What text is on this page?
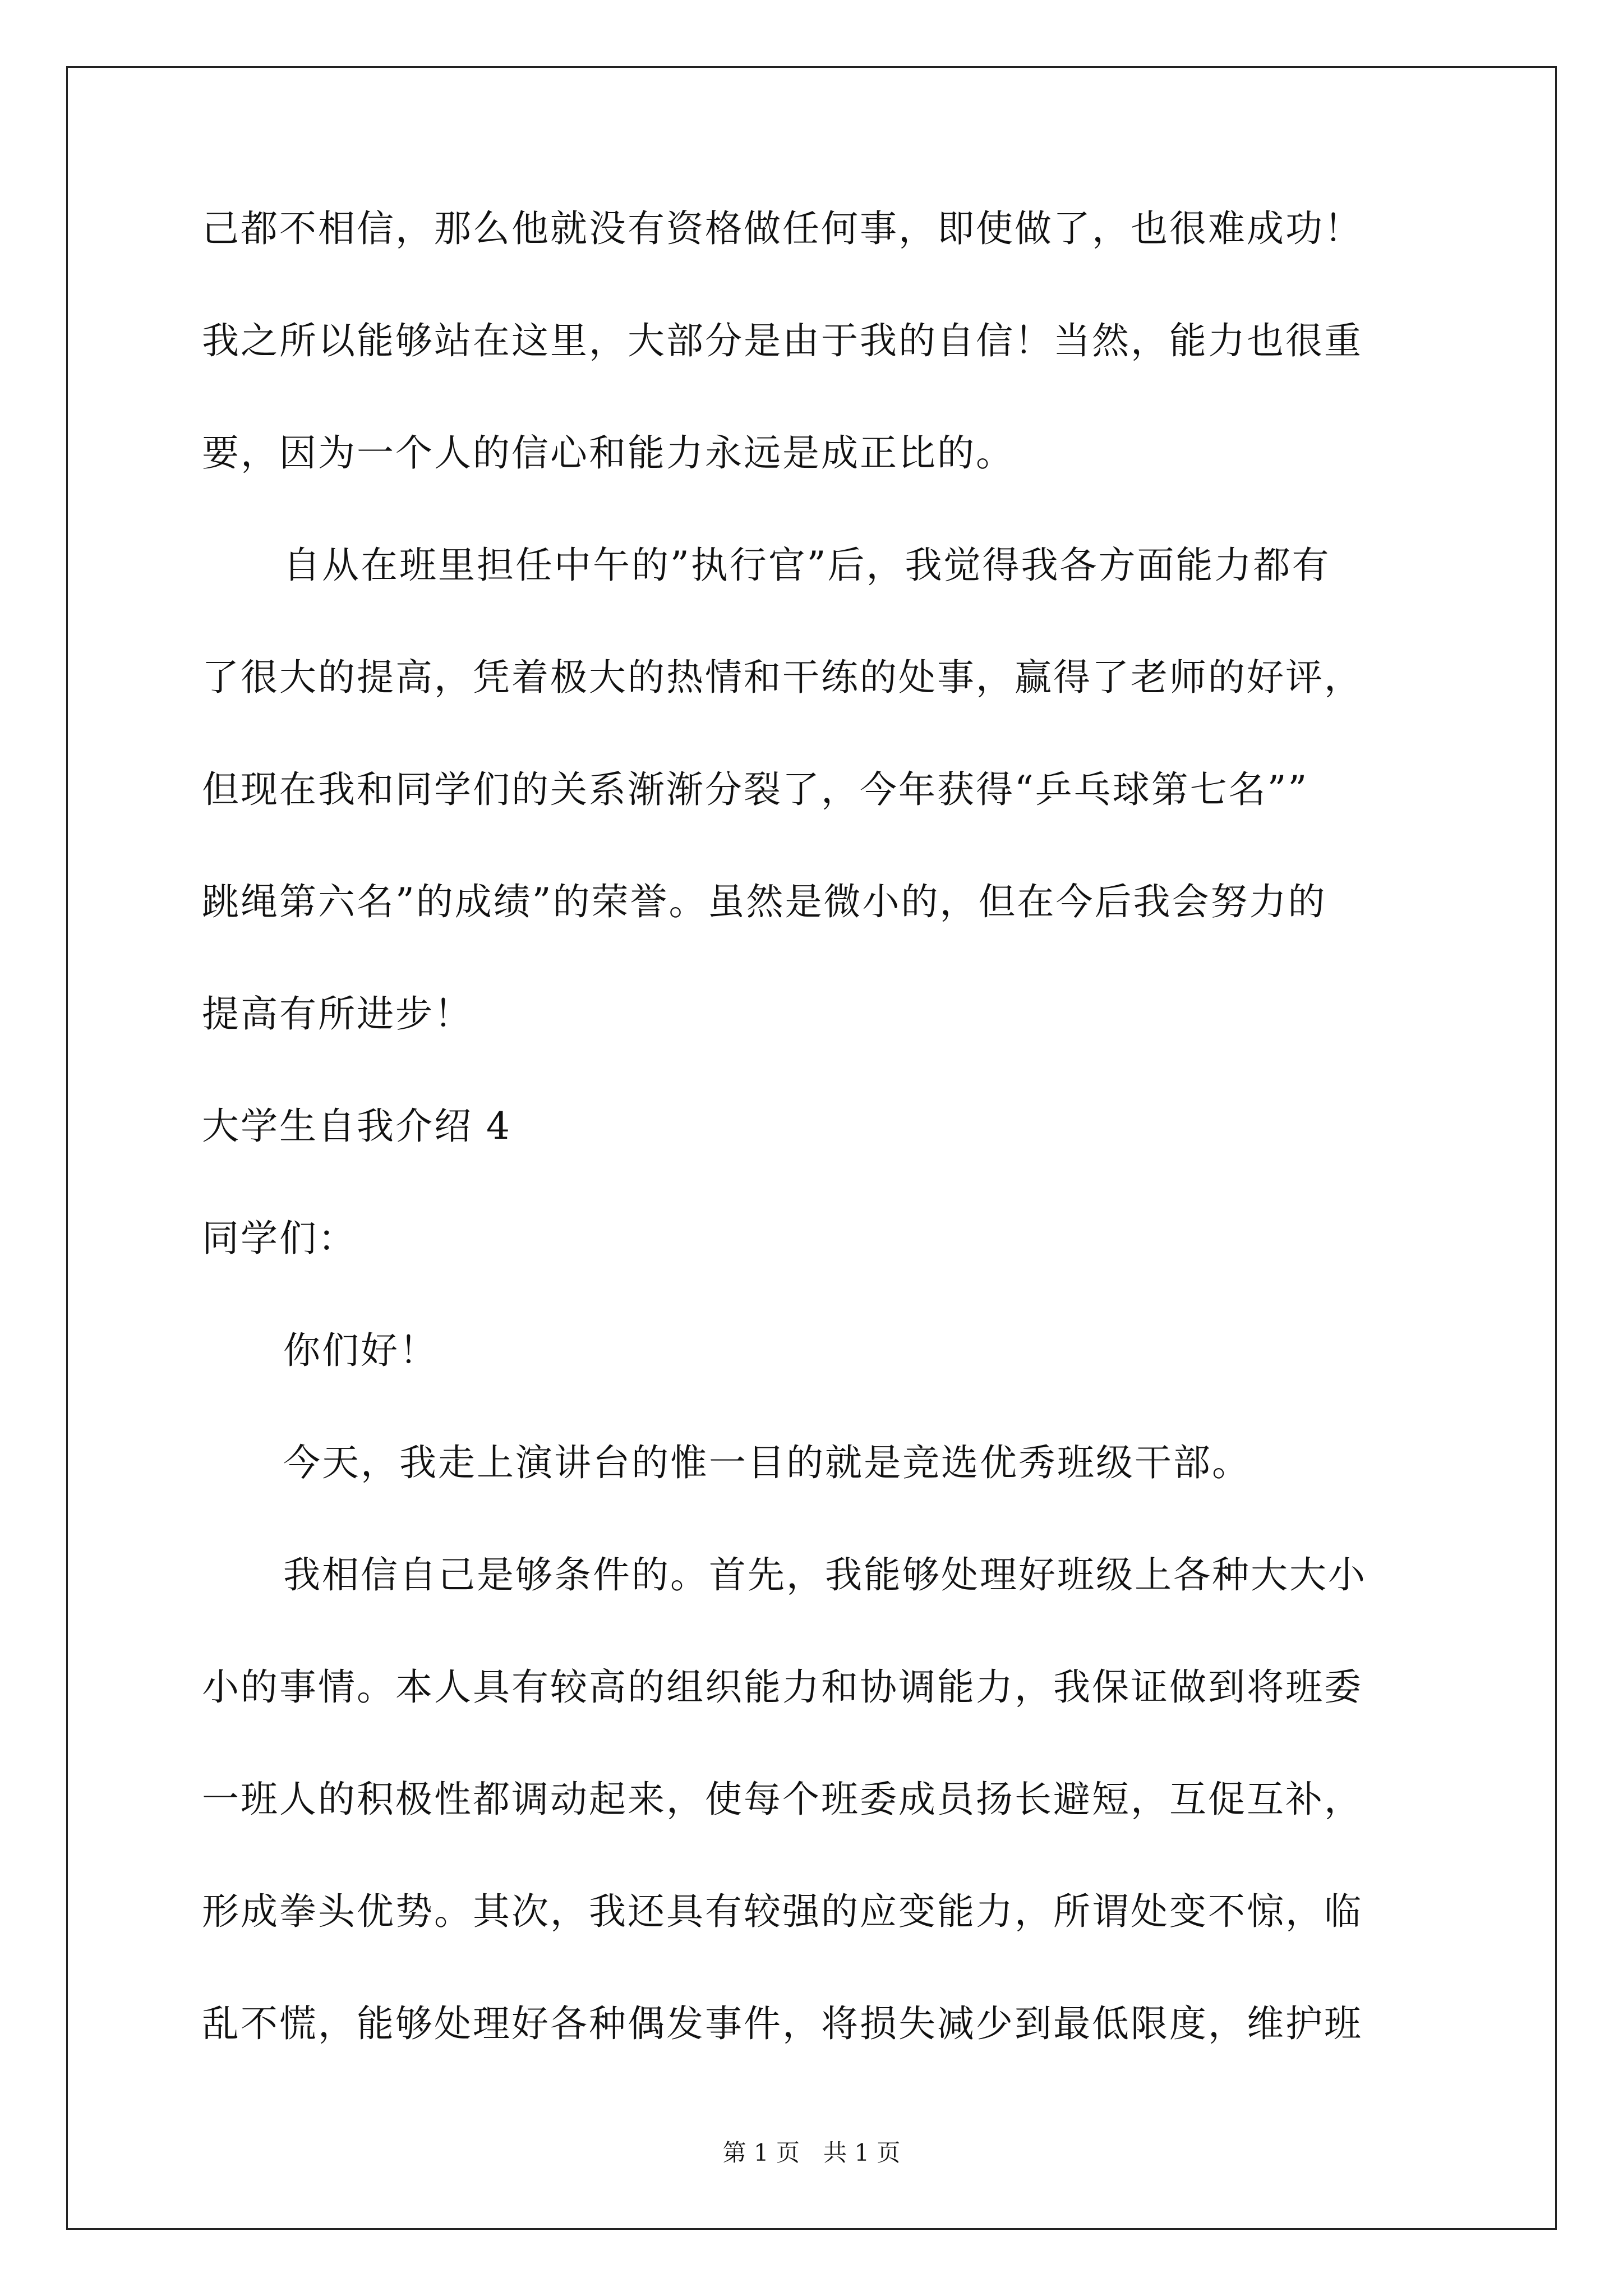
己都不相信，那么他就没有资格做任何事，即使做了，也很难成功！
我之所以能够站在这里，大部分是由于我的自信！当然，能力也很重
要，因为一个人的信心和能力永远是成正比的。
自从在班里担任中午的”执行官”后，我觉得我各方面能力都有
了很大的提高，凭着极大的热情和干练的处事，赢得了老师的好评，
但现在我和同学们的关系渐渐分裂了，今年获得“乒乓球第七名””
跳绳第六名”的成绩”的荣誉。虽然是微小的，但在今后我会努力的
提高有所进步！
大学生自我介绍 4
同学们：
你们好！
今天，我走上演讲台的惟一目的就是竞选优秀班级干部。
我相信自己是够条件的。首先，我能够处理好班级上各种大大小
小的事情。本人具有较高的组织能力和协调能力，我保证做到将班委
一班人的积极性都调动起来，使每个班委成员扬长避短，互促互补，
形成拳头优势。其次，我还具有较强的应变能力，所谓处变不惊，临
乱不慌，能够处理好各种偶发事件，将损失减少到最低限度，维护班
第 1 页　共 1 页
